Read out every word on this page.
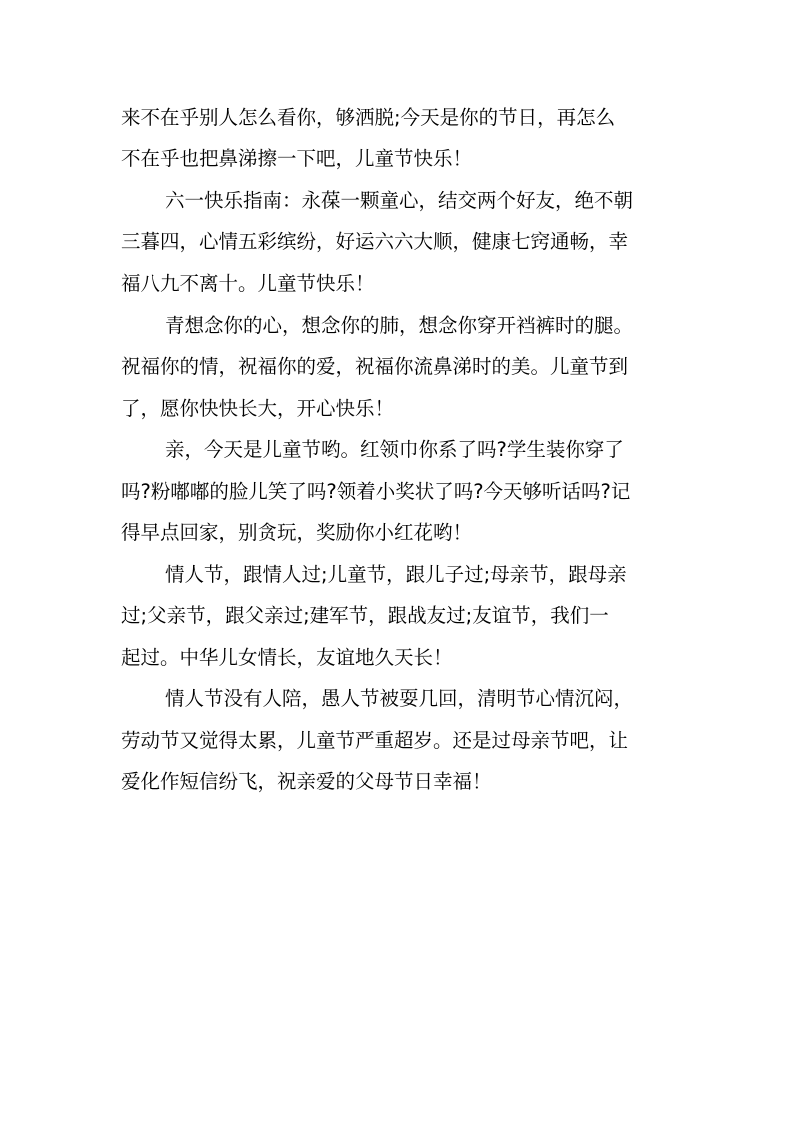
来不在乎别人怎么看你，够洒脱;今天是你的节日，再怎么
不在乎也把鼻涕擦一下吧，儿童节快乐！
六一快乐指南：永葆一颗童心，结交两个好友，绝不朝
三暮四，心情五彩缤纷，好运六六大顺，健康七窍通畅，幸
福八九不离十。儿童节快乐！
青想念你的心，想念你的肺，想念你穿开裆裤时的腿。
祝福你的情，祝福你的爱，祝福你流鼻涕时的美。儿童节到
了，愿你快快长大，开心快乐！
亲，今天是儿童节哟。红领巾你系了吗?学生装你穿了
吗?粉嘟嘟的脸儿笑了吗?领着小奖状了吗?今天够听话吗?记
得早点回家，别贪玩，奖励你小红花哟！
情人节，跟情人过;儿童节，跟儿子过;母亲节，跟母亲
过;父亲节，跟父亲过;建军节，跟战友过;友谊节，我们一
起过。中华儿女情长，友谊地久天长！
情人节没有人陪，愚人节被耍几回，清明节心情沉闷，
劳动节又觉得太累，儿童节严重超岁。还是过母亲节吧，让
爱化作短信纷飞，祝亲爱的父母节日幸福！
